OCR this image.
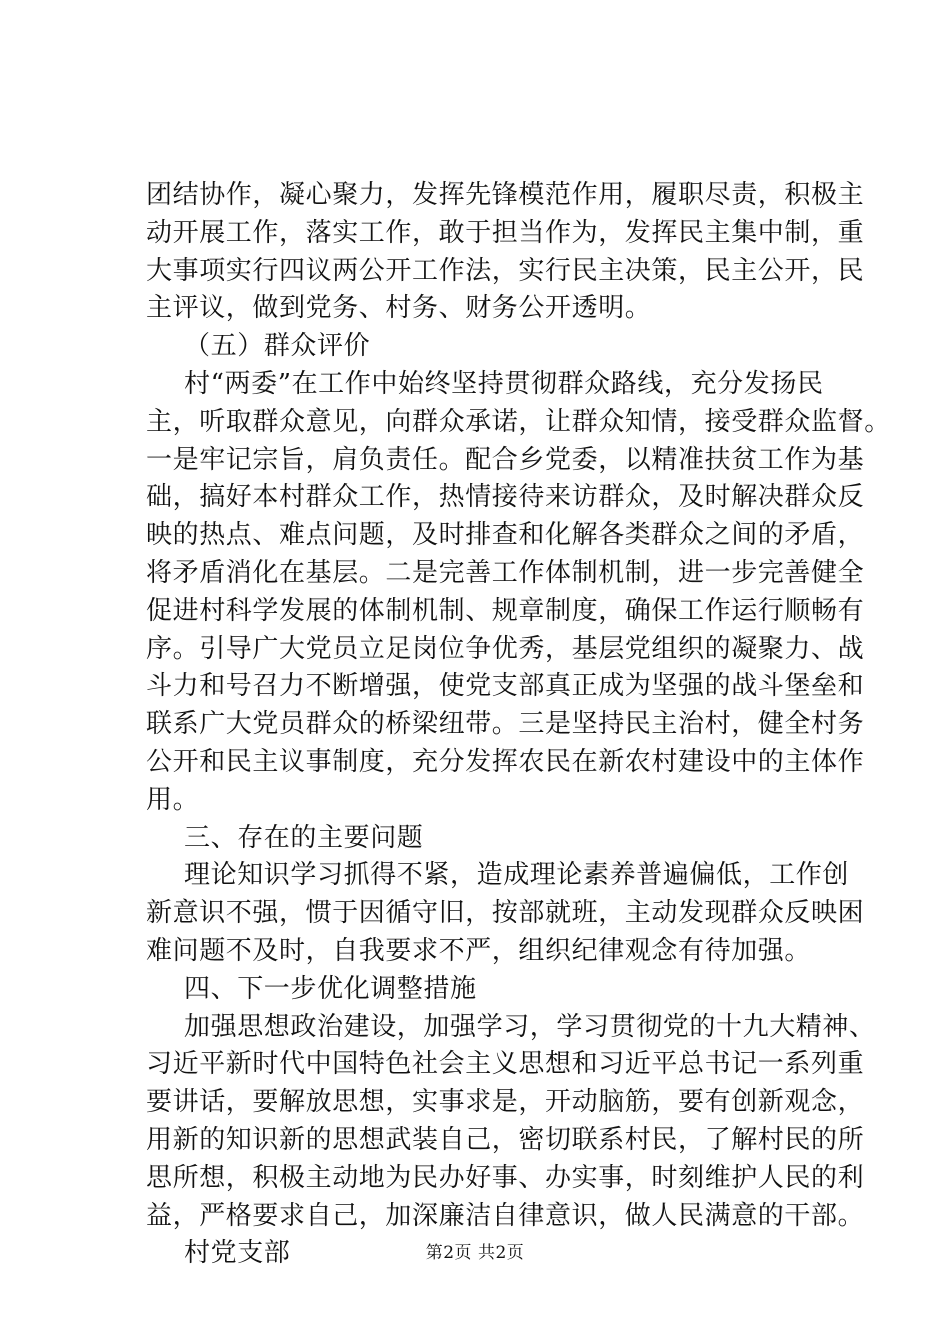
团结协作，凝心聚力，发挥先锋模范作用，履职尽责，积极主
动开展工作，落实工作，敢于担当作为，发挥民主集中制，重
大事项实行四议两公开工作法，实行民主决策，民主公开，民
主评议，做到党务、村务、财务公开透明。
（五）群众评价
村“两委”在工作中始终坚持贯彻群众路线，充分发扬民
主，听取群众意见，向群众承诺，让群众知情，接受群众监督。
一是牢记宗旨，肩负责任。配合乡党委，以精准扶贫工作为基
础，搞好本村群众工作，热情接待来访群众，及时解决群众反
映的热点、难点问题，及时排查和化解各类群众之间的矛盾，
将矛盾消化在基层。二是完善工作体制机制，进一步完善健全
促进村科学发展的体制机制、规章制度，确保工作运行顺畅有
序。引导广大党员立足岗位争优秀，基层党组织的凝聚力、战
斗力和号召力不断增强，使党支部真正成为坚强的战斗堡垒和
联系广大党员群众的桥梁纽带。三是坚持民主治村，健全村务
公开和民主议事制度，充分发挥农民在新农村建设中的主体作
用。
三、存在的主要问题
理论知识学习抓得不紧，造成理论素养普遍偏低，工作创
新意识不强，惯于因循守旧，按部就班，主动发现群众反映困
难问题不及时，自我要求不严，组织纪律观念有待加强。
四、下一步优化调整措施
加强思想政治建设，加强学习，学习贯彻党的十九大精神、
习近平新时代中国特色社会主义思想和习近平总书记一系列重
要讲话，要解放思想，实事求是，开动脑筋，要有创新观念，
用新的知识新的思想武装自己，密切联系村民，了解村民的所
思所想，积极主动地为民办好事、办实事，时刻维护人民的利
益，严格要求自己，加深廉洁自律意识，做人民满意的干部。
村党支部	第2页 共2页
